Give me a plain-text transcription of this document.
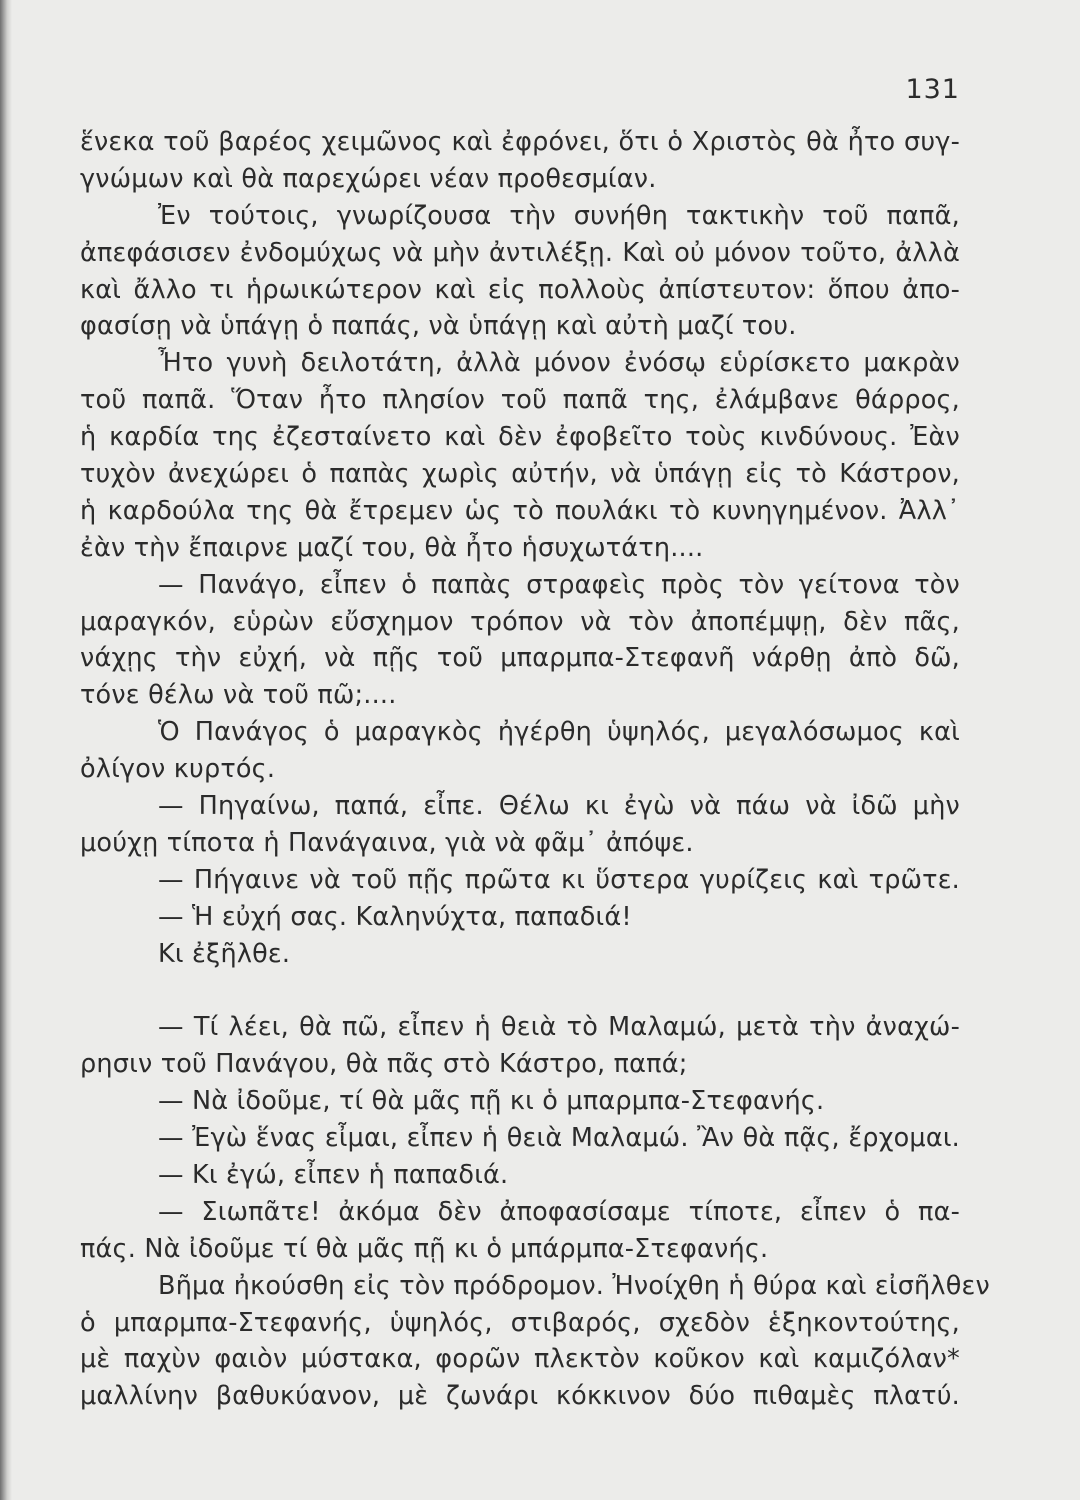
131
ἕνεκα τοῦ βαρέος χειμῶνος καὶ ἐφρόνει, ὅτι ὁ Χριστὸς θὰ ἦτο συγ-
γνώμων καὶ θὰ παρεχώρει νέαν προθεσμίαν.
Ἐν τούτοις, γνωρίζουσα τὴν συνήθη τακτικὴν τοῦ παπᾶ,
ἀπεφάσισεν ἐνδομύχως νὰ μὴν ἀντιλέξῃ. Καὶ οὐ μόνον τοῦτο, ἀλλὰ
καὶ ἄλλο τι ἡρωικώτερον καὶ εἰς πολλοὺς ἀπίστευτον: ὅπου ἀπο-
φασίσῃ νὰ ὑπάγῃ ὁ παπάς, νὰ ὑπάγῃ καὶ αὐτὴ μαζί του.
Ἦτο γυνὴ δειλοτάτη, ἀλλὰ μόνον ἐνόσῳ εὑρίσκετο μακρὰν
τοῦ παπᾶ. Ὅταν ἦτο πλησίον τοῦ παπᾶ της, ἐλάμβανε θάρρος,
ἡ καρδία της ἐζεσταίνετο καὶ δὲν ἐφοβεῖτο τοὺς κινδύνους. Ἐὰν
τυχὸν ἀνεχώρει ὁ παπὰς χωρὶς αὐτήν, νὰ ὑπάγῃ εἰς τὸ Κάστρον,
ἡ καρδούλα της θὰ ἔτρεμεν ὡς τὸ πουλάκι τὸ κυνηγημένον. Ἀλλ᾽
ἐὰν τὴν ἔπαιρνε μαζί του, θὰ ἦτο ἡσυχωτάτη....
— Πανάγο, εἶπεν ὁ παπὰς στραφεὶς πρὸς τὸν γείτονα τὸν
μαραγκόν, εὑρὼν εὔσχημον τρόπον νὰ τὸν ἀποπέμψῃ, δὲν πᾶς,
νάχῃς τὴν εὐχή, νὰ πῇς τοῦ μπαρμπα-Στεφανῆ νάρθῃ ἀπὸ δῶ,
τόνε θέλω νὰ τοῦ πῶ;....
Ὁ Πανάγος ὁ μαραγκὸς ἠγέρθη ὑψηλός, μεγαλόσωμος καὶ
ὀλίγον κυρτός.
— Πηγαίνω, παπά, εἶπε. Θέλω κι ἐγὼ νὰ πάω νὰ ἰδῶ μὴν
μούχῃ τίποτα ἡ Πανάγαινα, γιὰ νὰ φᾶμ᾽ ἀπόψε.
— Πήγαινε νὰ τοῦ πῇς πρῶτα κι ὕστερα γυρίζεις καὶ τρῶτε.
— Ἡ εὐχή σας. Καληνύχτα, παπαδιά!
Κι ἐξῆλθε.
— Τί λέει, θὰ πῶ, εἶπεν ἡ θειὰ τὸ Μαλαμώ, μετὰ τὴν ἀναχώ-
ρησιν τοῦ Πανάγου, θὰ πᾶς στὸ Κάστρο, παπά;
— Νὰ ἰδοῦμε, τί θὰ μᾶς πῇ κι ὁ μπαρμπα-Στεφανής.
— Ἐγὼ ἕνας εἶμαι, εἶπεν ἡ θειὰ Μαλαμώ. Ἂν θὰ πᾷς, ἔρχομαι.
— Κι ἐγώ, εἶπεν ἡ παπαδιά.
— Σιωπᾶτε! ἀκόμα δὲν ἀποφασίσαμε τίποτε, εἶπεν ὁ πα-
πάς. Νὰ ἰδοῦμε τί θὰ μᾶς πῇ κι ὁ μπάρμπα-Στεφανής.
Βῆμα ἠκούσθη εἰς τὸν πρόδρομον. Ἠνοίχθη ἡ θύρα καὶ εἰσῆλθεν
ὁ μπαρμπα-Στεφανής, ὑψηλός, στιβαρός, σχεδὸν ἑξηκοντούτης,
μὲ παχὺν φαιὸν μύστακα, φορῶν πλεκτὸν κοῦκον καὶ καμιζόλαν*
μαλλίνην βαθυκύανον, μὲ ζωνάρι κόκκινον δύο πιθαμὲς πλατύ.
